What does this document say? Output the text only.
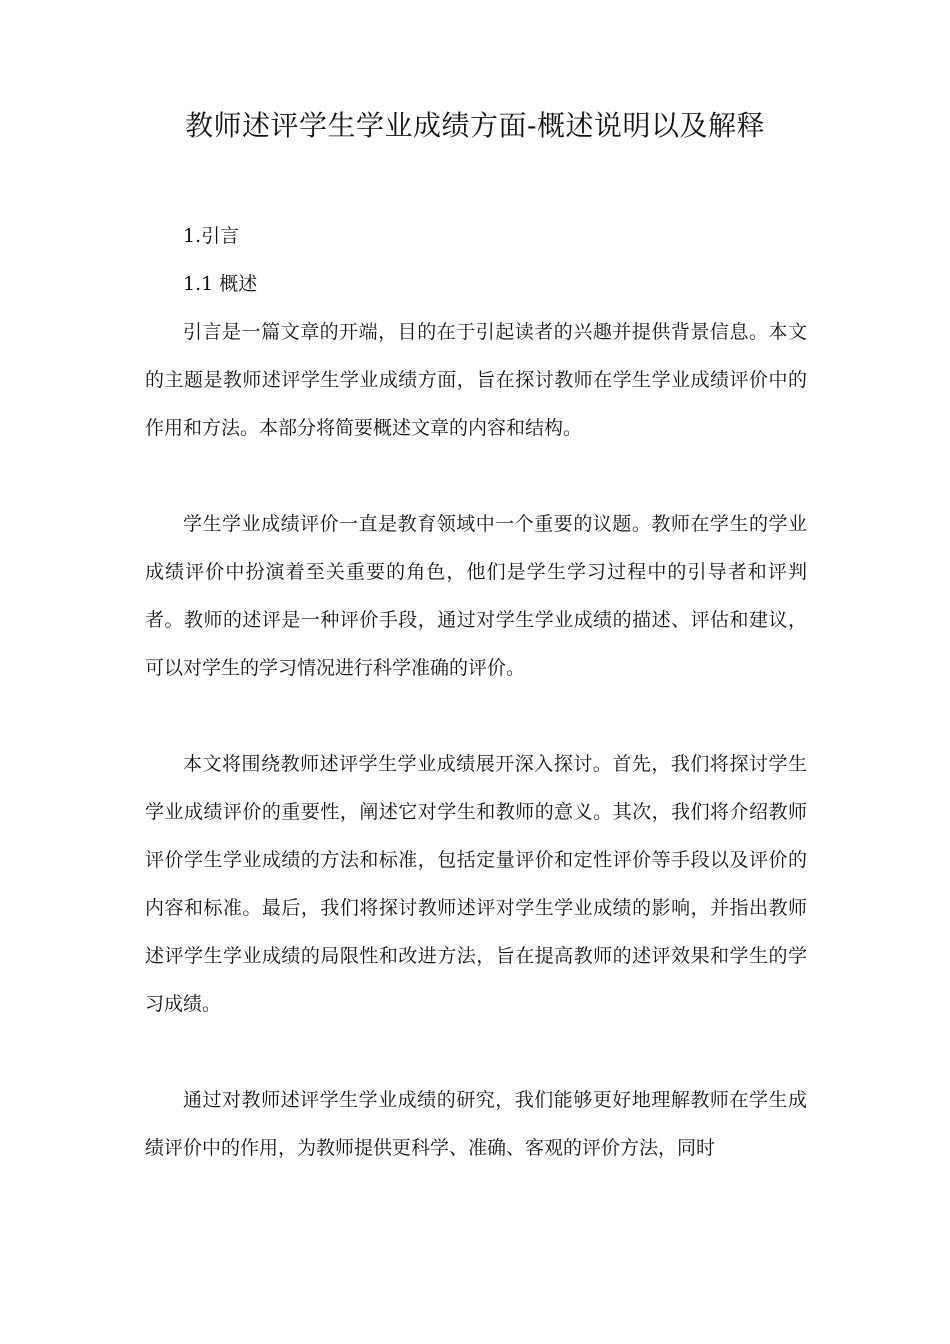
教师述评学生学业成绩方面-概述说明以及解释
1.引言
1.1 概述

引言是一篇文章的开端，目的在于引起读者的兴趣并提供背景信息。本文的主题是教师述评学生学业成绩方面，旨在探讨教师在学生学业成绩评价中的作用和方法。本部分将简要概述文章的内容和结构。

学生学业成绩评价一直是教育领域中一个重要的议题。教师在学生的学业成绩评价中扮演着至关重要的角色，他们是学生学习过程中的引导者和评判者。教师的述评是一种评价手段，通过对学生学业成绩的描述、评估和建议，可以对学生的学习情况进行科学准确的评价。

本文将围绕教师述评学生学业成绩展开深入探讨。首先，我们将探讨学生学业成绩评价的重要性，阐述它对学生和教师的意义。其次，我们将介绍教师评价学生学业成绩的方法和标准，包括定量评价和定性评价等手段以及评价的内容和标准。最后，我们将探讨教师述评对学生学业成绩的影响，并指出教师述评学生学业成绩的局限性和改进方法，旨在提高教师的述评效果和学生的学习成绩。

通过对教师述评学生学业成绩的研究，我们能够更好地理解教师在学生成绩评价中的作用，为教师提供更科学、准确、客观的评价方法，同时
